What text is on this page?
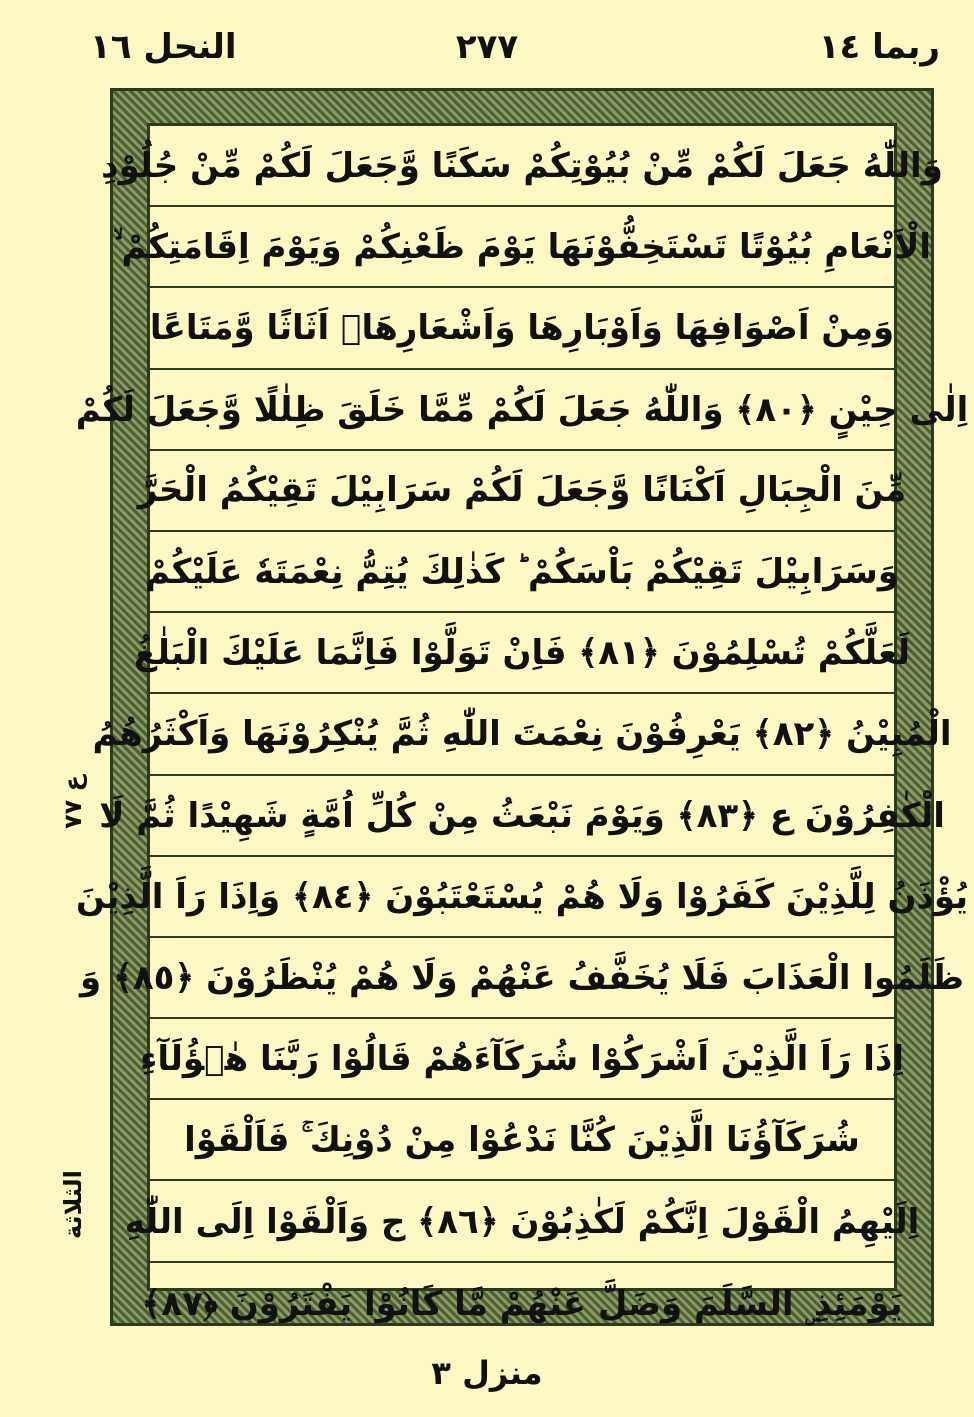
ربما ١٤
٢٧٧
النحل ١٦
وَاللّٰهُ جَعَلَ لَكُمْ مِّنْ بُيُوْتِكُمْ سَكَنًا وَّجَعَلَ لَكُمْ مِّنْ جُلُوْدِ
الْاَنْعَامِ بُيُوْتًا تَسْتَخِفُّوْنَهَا يَوْمَ ظَعْنِكُمْ وَيَوْمَ اِقَامَتِكُمْ ۙ
وَمِنْ اَصْوَافِهَا وَاَوْبَارِهَا وَاَشْعَارِهَاۤ اَثَاثًا وَّمَتَاعًا
اِلٰى حِيْنٍ ﴿٨٠﴾ وَاللّٰهُ جَعَلَ لَكُمْ مِّمَّا خَلَقَ ظِلٰلًا وَّجَعَلَ لَكُمْ
مِّنَ الْجِبَالِ اَكْنَانًا وَّجَعَلَ لَكُمْ سَرَابِيْلَ تَقِيْكُمُ الْحَرَّ
وَسَرَابِيْلَ تَقِيْكُمْ بَاْسَكُمْ ؕ كَذٰلِكَ يُتِمُّ نِعْمَتَهٗ عَلَيْكُمْ
لَعَلَّكُمْ تُسْلِمُوْنَ ﴿٨١﴾ فَاِنْ تَوَلَّوْا فَاِنَّمَا عَلَيْكَ الْبَلٰغُ
الْمُبِيْنُ ﴿٨٢﴾ يَعْرِفُوْنَ نِعْمَتَ اللّٰهِ ثُمَّ يُنْكِرُوْنَهَا وَاَكْثَرُهُمُ
الْكٰفِرُوْنَ ع ﴿٨٣﴾ وَيَوْمَ نَبْعَثُ مِنْ كُلِّ اُمَّةٍ شَهِيْدًا ثُمَّ لَا
يُؤْذَنُ لِلَّذِيْنَ كَفَرُوْا وَلَا هُمْ يُسْتَعْتَبُوْنَ ﴿٨٤﴾ وَاِذَا رَاَ الَّذِيْنَ
ظَلَمُوا الْعَذَابَ فَلَا يُخَفَّفُ عَنْهُمْ وَلَا هُمْ يُنْظَرُوْنَ ﴿٨٥﴾ وَ
اِذَا رَاَ الَّذِيْنَ اَشْرَكُوْا شُرَكَآءَهُمْ قَالُوْا رَبَّنَا هٰۤؤُلَآءِ
شُرَكَآؤُنَا الَّذِيْنَ كُنَّا نَدْعُوْا مِنْ دُوْنِكَ ۚ فَاَلْقَوْا
اِلَيْهِمُ الْقَوْلَ اِنَّكُمْ لَكٰذِبُوْنَ ﴿٨٦﴾ ج وَاَلْقَوْا اِلَى اللّٰهِ
يَوْمَئِذِ ۣ السَّلَمَ وَضَلَّ عَنْهُمْ مَّا كَانُوْا يَفْتَرُوْنَ ﴿٨٧﴾
ع ٧٧
الثلاثة
منزل ٣
